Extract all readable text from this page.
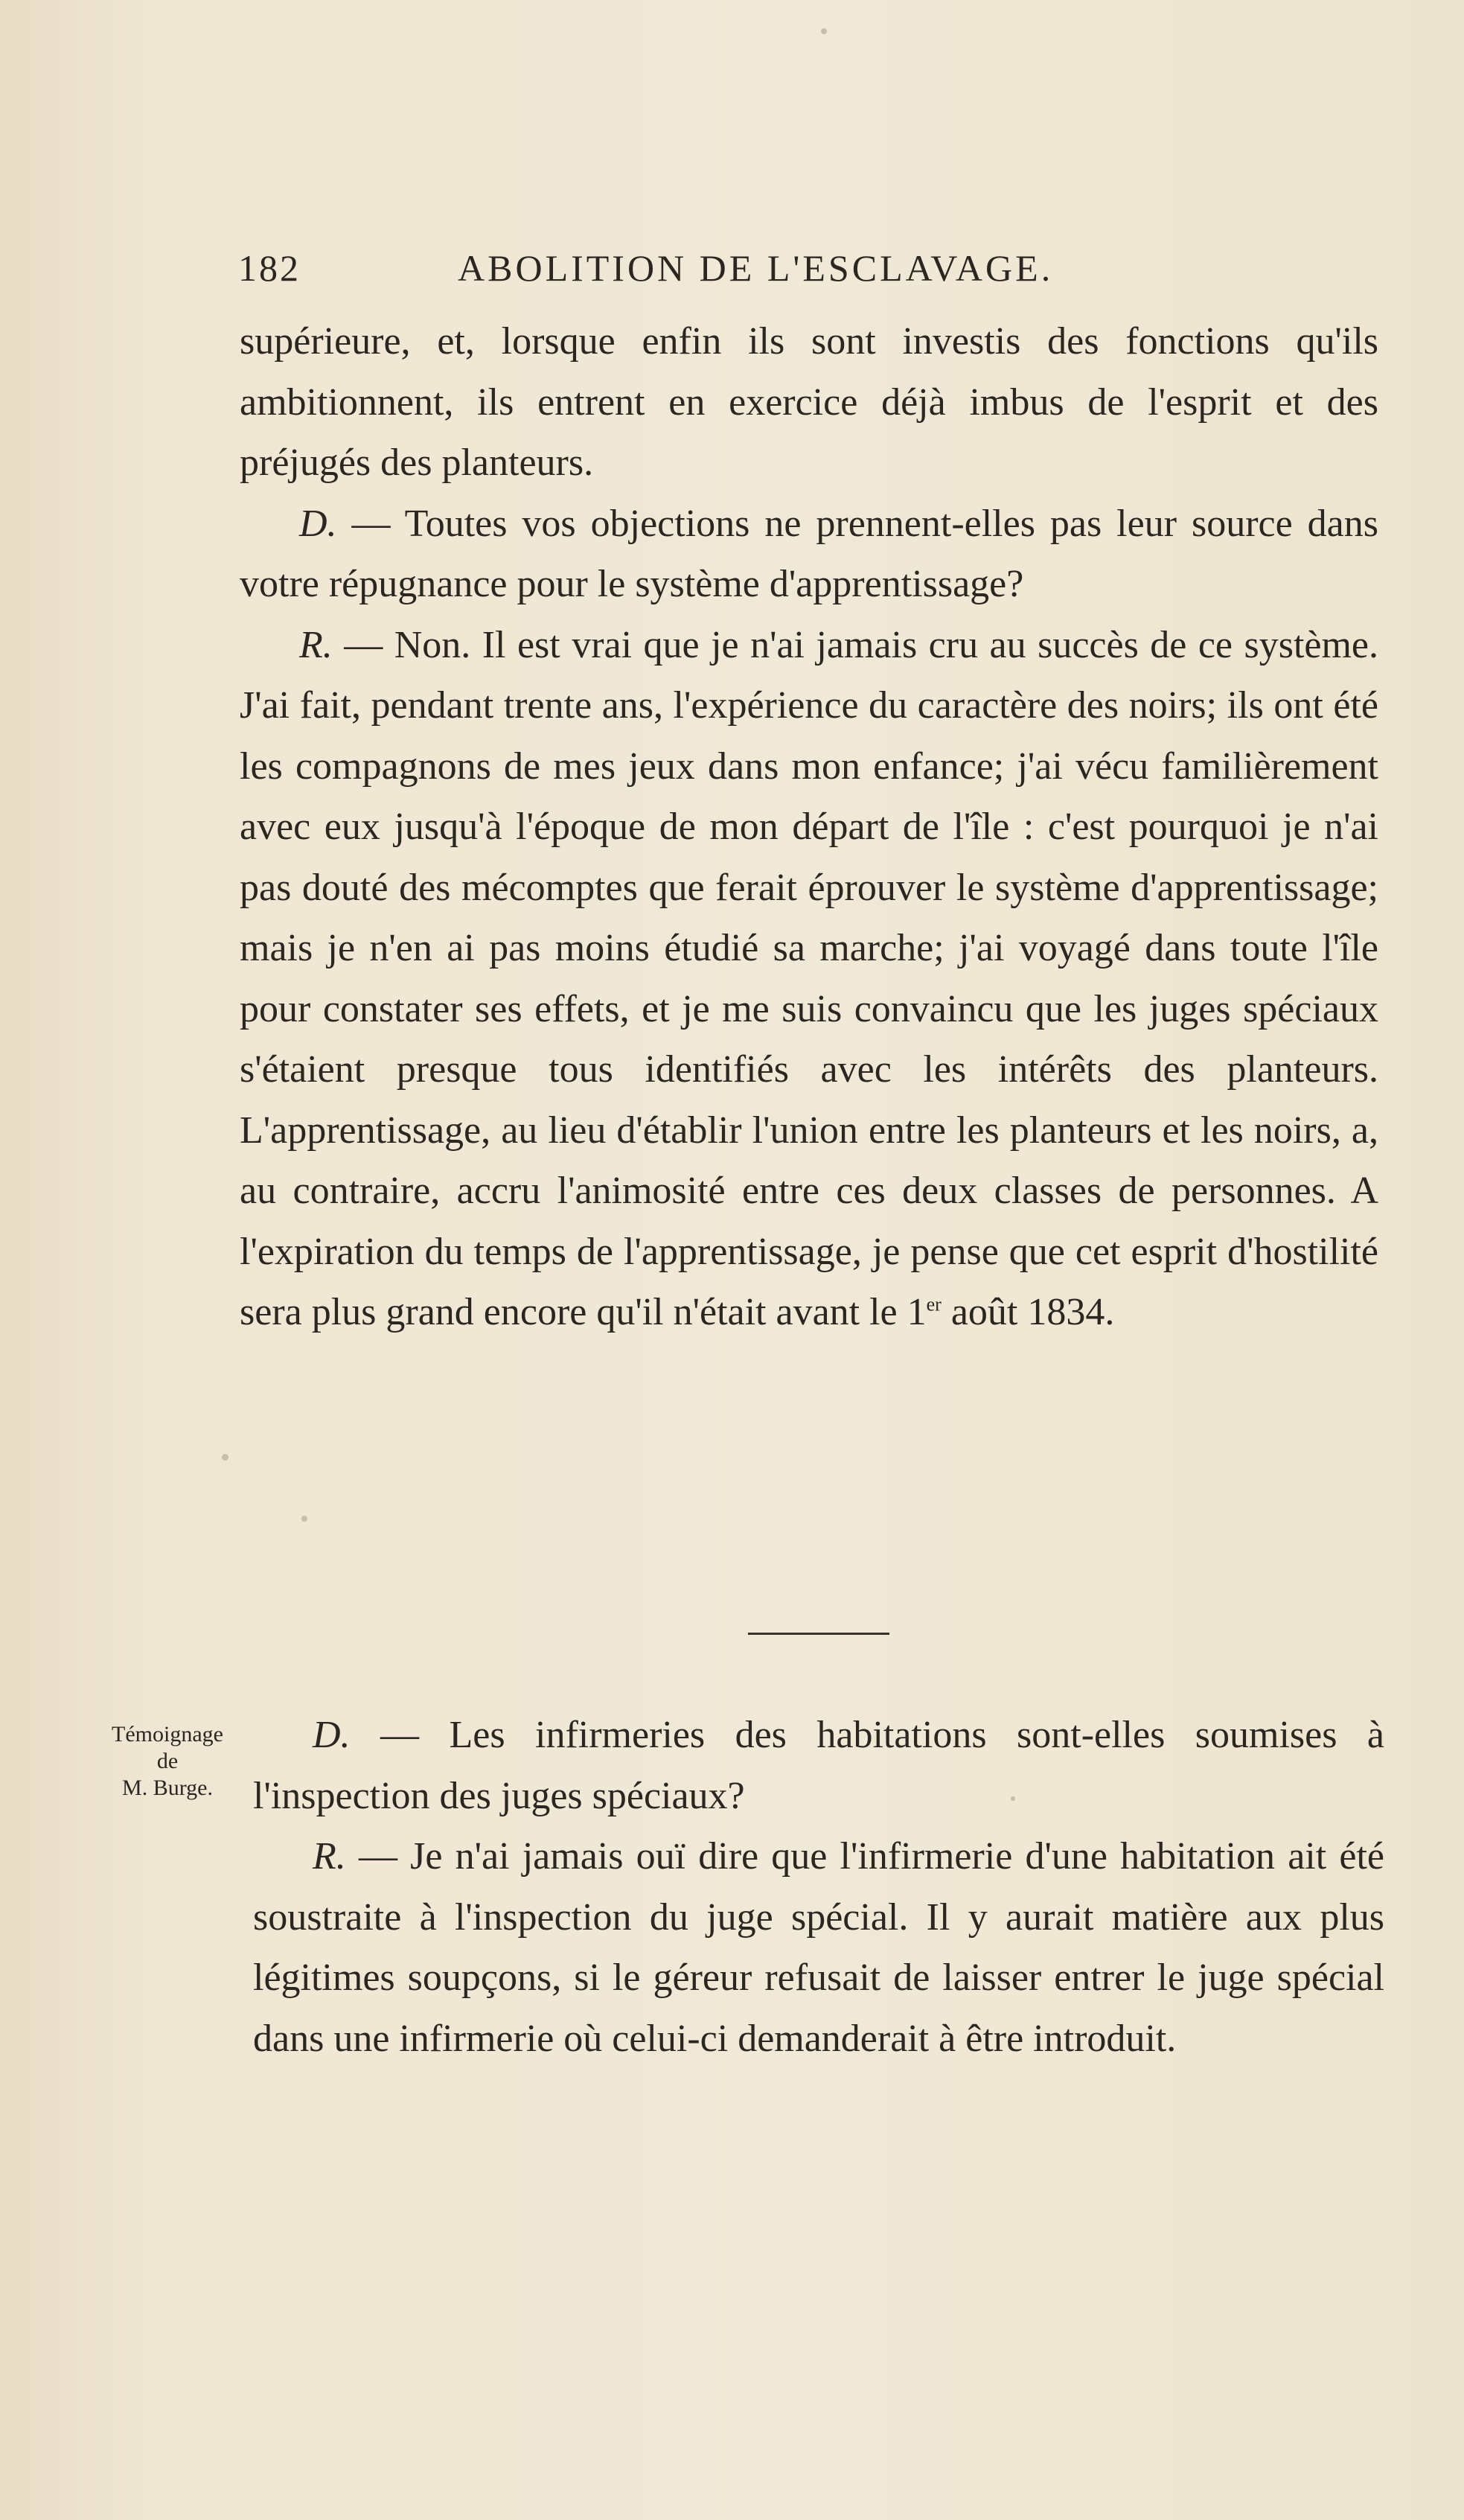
182	ABOLITION DE L'ESCLAVAGE.

supérieure, et, lorsque enfin ils sont investis des fonctions qu'ils ambitionnent, ils entrent en exercice déjà imbus de l'esprit et des préjugés des planteurs.

D. — Toutes vos objections ne prennent-elles pas leur source dans votre répugnance pour le système d'apprentissage?

R. — Non. Il est vrai que je n'ai jamais cru au succès de ce système. J'ai fait, pendant trente ans, l'expérience du caractère des noirs; ils ont été les compagnons de mes jeux dans mon enfance; j'ai vécu familièrement avec eux jusqu'à l'époque de mon départ de l'île : c'est pourquoi je n'ai pas douté des mécomptes que ferait éprouver le système d'apprentissage; mais je n'en ai pas moins étudié sa marche; j'ai voyagé dans toute l'île pour constater ses effets, et je me suis convaincu que les juges spéciaux s'étaient presque tous identifiés avec les intérêts des planteurs. L'apprentissage, au lieu d'établir l'union entre les planteurs et les noirs, a, au contraire, accru l'animosité entre ces deux classes de personnes. A l'expiration du temps de l'apprentissage, je pense que cet esprit d'hostilité sera plus grand encore qu'il n'était avant le 1er août 1834.

Témoignage
de
M. Burge.

D. — Les infirmeries des habitations sont-elles soumises à l'inspection des juges spéciaux?

R. — Je n'ai jamais ouï dire que l'infirmerie d'une habitation ait été soustraite à l'inspection du juge spécial. Il y aurait matière aux plus légitimes soupçons, si le géreur refusait de laisser entrer le juge spécial dans une infirmerie où celui-ci demanderait à être introduit.
